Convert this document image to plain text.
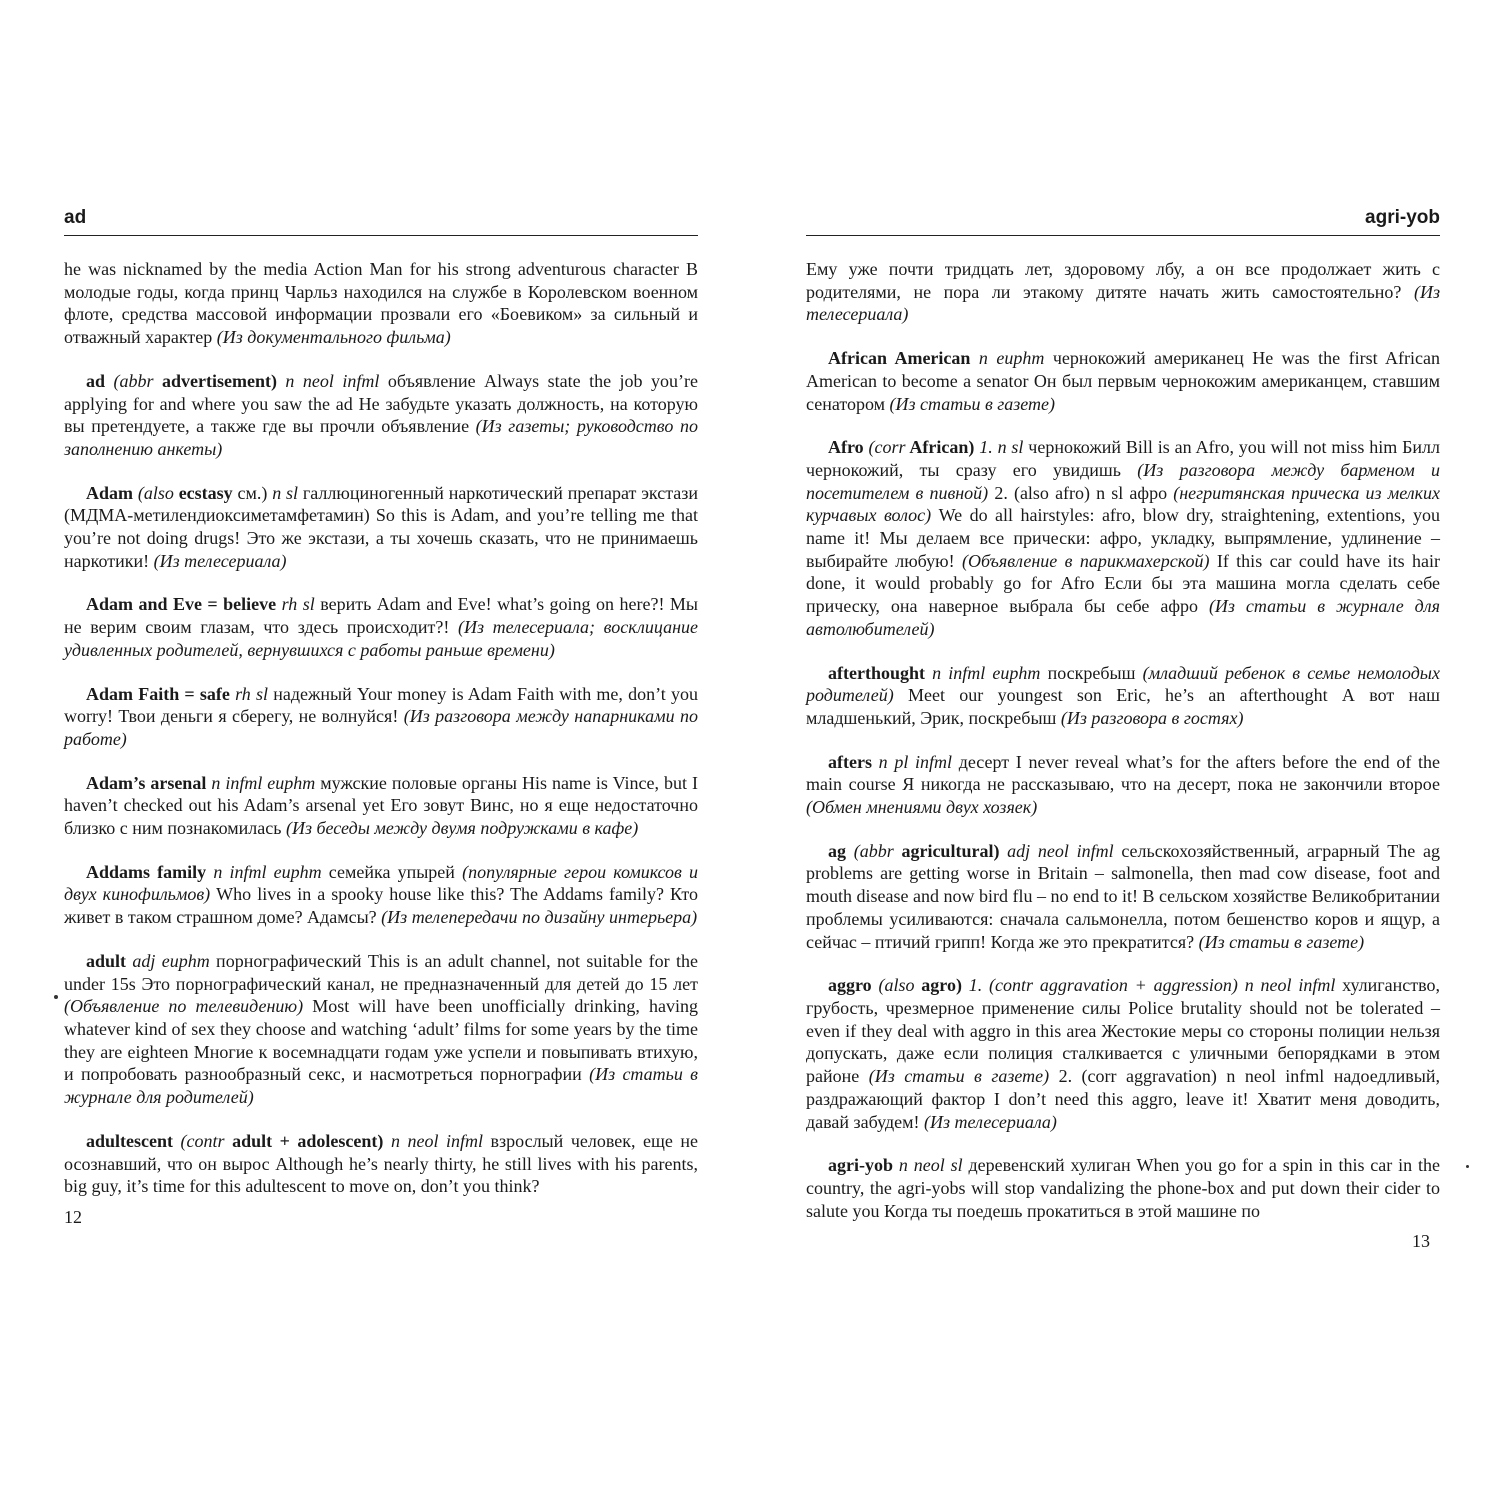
ad

he was nicknamed by the media Action Man for his strong adventurous character В молодые годы, когда принц Чарльз находился на службе в Королевском военном флоте, средства массовой информации прозвали его «Боевиком» за сильный и отважный характер (Из документального фильма)

ad (abbr advertisement) n neol infml объявление Always state the job you’re applying for and where you saw the ad Не забудьте указать должность, на которую вы претендуете, а также где вы прочли объявление (Из газеты; руководство по заполнению анкеты)

Adam (also ecstasy см.) n sl галлюциногенный наркотический препарат экстази (МДМА-метилендиоксиметамфетамин) So this is Adam, and you’re telling me that you’re not doing drugs! Это же экстази, а ты хочешь сказать, что не принимаешь наркотики! (Из телесериала)

Adam and Eve = believe rh sl верить Adam and Eve! what’s going on here?! Мы не верим своим глазам, что здесь происходит?! (Из телесериала; восклицание удивленных родителей, вернувшихся с работы раньше времени)

Adam Faith = safe rh sl надежный Your money is Adam Faith with me, don’t you worry! Твои деньги я сберегу, не волнуйся! (Из разговора между напарниками по работе)

Adam’s arsenal n infml euphm мужские половые органы His name is Vince, but I haven’t checked out his Adam’s arsenal yet Его зовут Винс, но я еще недостаточно близко с ним познакомилась (Из беседы между двумя подружками в кафе)

Addams family n infml euphm семейка упырей (популярные герои комиксов и двух кинофильмов) Who lives in a spooky house like this? The Addams family? Кто живет в таком страшном доме? Адамсы? (Из телепередачи по дизайну интерьера)

adult adj euphm порнографический This is an adult channel, not suitable for the under 15s Это порнографический канал, не предназначенный для детей до 15 лет (Объявление по телевидению) Most will have been unofficially drinking, having whatever kind of sex they choose and watching ‘adult’ films for some years by the time they are eighteen Многие к восемнадцати годам уже успели и повыпивать втихую, и попробовать разнообразный секс, и насмотреться порнографии (Из статьи в журнале для родителей)

adultescent (contr adult + adolescent) n neol infml взрослый человек, еще не осознавший, что он вырос Although he’s nearly thirty, he still lives with his parents, big guy, it’s time for this adultescent to move on, don’t you think?

12
agri-yob

Ему уже почти тридцать лет, здоровому лбу, а он все продолжает жить с родителями, не пора ли этакому дитяте начать жить самостоятельно? (Из телесериала)

African American n euphm чернокожий американец He was the first African American to become a senator Он был первым чернокожим американцем, ставшим сенатором (Из статьи в газете)

Afro (corr African) 1. n sl чернокожий Bill is an Afro, you will not miss him Билл чернокожий, ты сразу его увидишь (Из разговора между барменом и посетителем в пивной) 2. (also afro) n sl афро (негритянская прическа из мелких курчавых волос) We do all hairstyles: afro, blow dry, straightening, extentions, you name it! Мы делаем все прически: афро, укладку, выпрямление, удлинение – выбирайте любую! (Объявление в парикмахерской) If this car could have its hair done, it would probably go for Afro Если бы эта машина могла сделать себе прическу, она наверное выбрала бы себе афро (Из статьи в журнале для автолюбителей)

afterthought n infml euphm поскребыш (младший ребенок в семье немолодых родителей) Meet our youngest son Eric, he’s an afterthought А вот наш младшенький, Эрик, поскребыш (Из разговора в гостях)

afters n pl infml десерт I never reveal what’s for the afters before the end of the main course Я никогда не рассказываю, что на десерт, пока не закончили второе (Обмен мнениями двух хозяек)

ag (abbr agricultural) adj neol infml сельскохозяйственный, аграрный The ag problems are getting worse in Britain – salmonella, then mad cow disease, foot and mouth disease and now bird flu – no end to it! В сельском хозяйстве Великобритании проблемы усиливаются: сначала сальмонелла, потом бешенство коров и ящур, а сейчас – птичий грипп! Когда же это прекратится? (Из статьи в газете)

aggro (also agro) 1. (contr aggravation + aggression) n neol infml хулиганство, грубость, чрезмерное применение силы Police brutality should not be tolerated – even if they deal with aggro in this area Жестокие меры со стороны полиции нельзя допускать, даже если полиция сталкивается с уличными бепорядками в этом районе (Из статьи в газете) 2. (corr aggravation) n neol infml надоедливый, раздражающий фактор I don’t need this aggro, leave it! Хватит меня доводить, давай забудем! (Из телесериала)

agri-yob n neol sl деревенский хулиган When you go for a spin in this car in the country, the agri-yobs will stop vandalizing the phone-box and put down their cider to salute you Когда ты поедешь прокатиться в этой машине по

13
